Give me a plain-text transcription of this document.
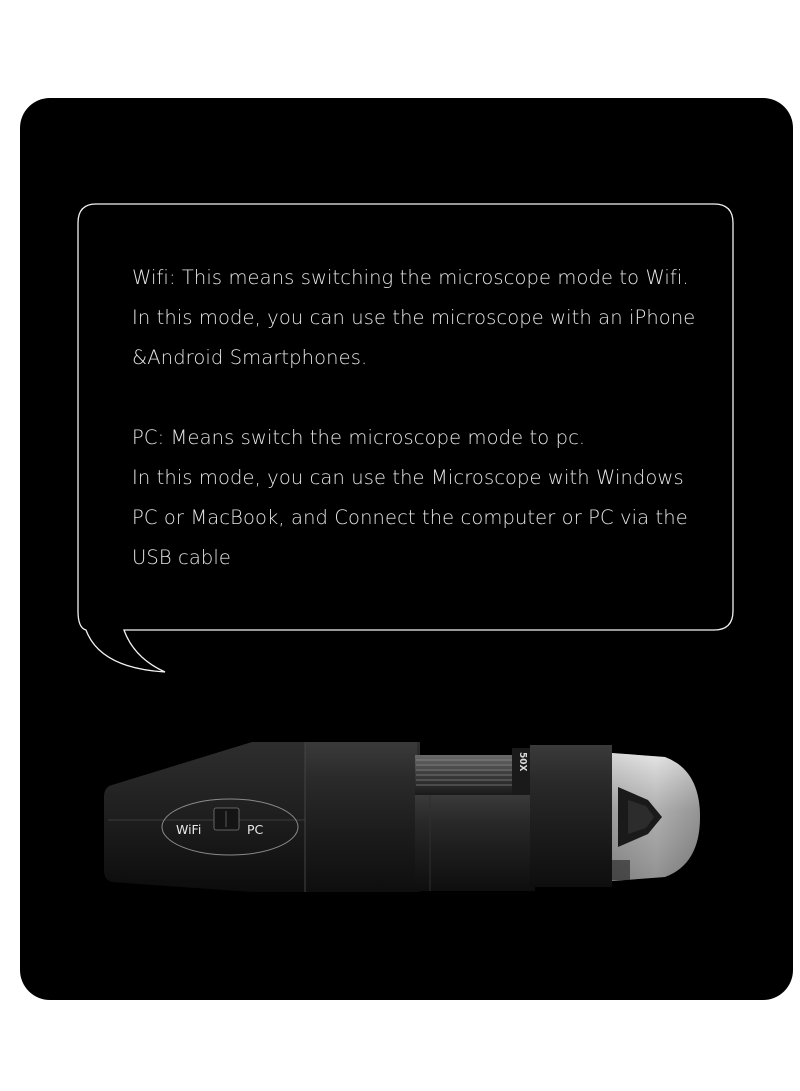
Wifi: This means switching the microscope mode to Wifi.

In this mode, you can use the microscope with an iPhone

&Android Smartphones.

PC: Means switch the microscope mode to pc.

In this mode, you can use the Microscope with Windows

PC or MacBook, and Connect the computer or PC via the

USB cable

50X
WiFi	PC
